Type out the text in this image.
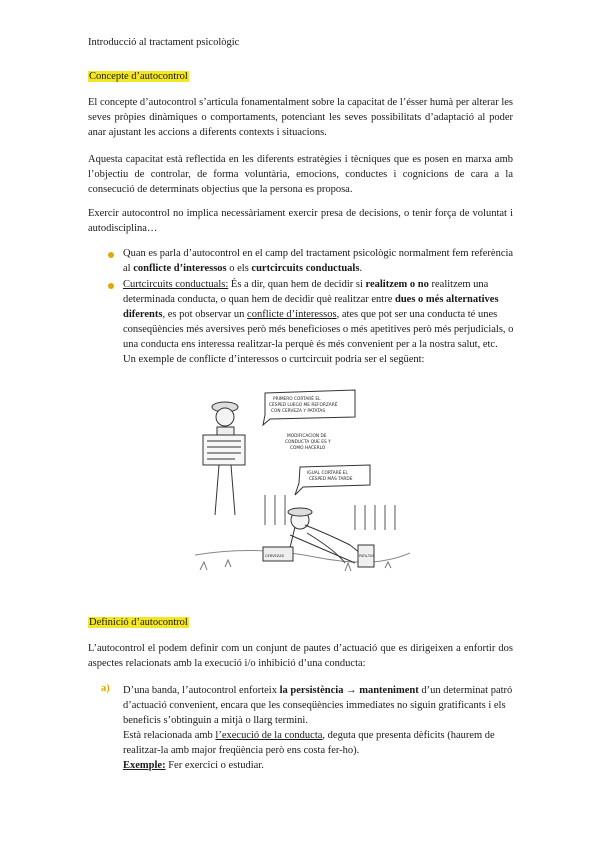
Introducció al tractament psicològic
Concepte d’autocontrol

El concepte d’autocontrol s’articula fonamentalment sobre la capacitat de l’ésser humà per alterar les seves pròpies dinàmiques o comportaments, potenciant les seves possibilitats d’adaptació al poder anar ajustant les accions a diferents contexts i situacions.

Aquesta capacitat està reflectida en les diferents estratègies i tècniques que es posen en marxa amb l’objectiu de controlar, de forma voluntària, emocions, conductes i cognicions de cara a la consecució de determinats objectius que la persona es proposa.

Exercir autocontrol no implica necessàriament exercir presa de decisions, o tenir força de voluntat i autodisciplina…

Quan es parla d’autocontrol en el camp del tractament psicològic normalment fem referència al conflicte d’interessos o els curtcircuits conductuals.
Curtcircuits conductuals: És a dir, quan hem de decidir si realitzem o no realitzem una determinada conducta, o quan hem de decidir què realitzar entre dues o més alternatives diferents, es pot observar un conflicte d’interessos, ates que pot ser una conducta té unes conseqüències més aversives però més beneficioses o més apetitives però més perjudicials, o una conducta ens interessa realitzar-la perquè és més convenient per a la nostra salut, etc.
Un exemple de conflicte d’interessos o curtcircuit podria ser el següent:
PRIMERO CORTARÉ EL
CÉSPED LUEGO ME REFORZARÉ
CON CERVEZA Y PATATAS
MODIFICACION DE
CONDUCTA QUE ES Y
CÓMO HACERLO
IGUAL CORTARÉ EL
CÉSPED MÁS TARDE
CERVEZAS	PATA-TAS
Definició d’autocontrol

L’autocontrol el podem definir com un conjunt de pautes d’actuació que es dirigeixen a enfortir dos aspectes relacionats amb la execució i/o inhibició d’una conducta:

a) D’una banda, l’autocontrol enforteix la persistència → manteniment d’un determinat patró d’actuació convenient, encara que les conseqüències immediates no siguin gratificants i els beneficis s’obtinguin a mitjà o llarg termini.
Està relacionada amb l’execució de la conducta, deguta que presenta dèficits (haurem de realitzar-la amb major freqüència però ens costa fer-ho).
Exemple: Fer exercici o estudiar.
